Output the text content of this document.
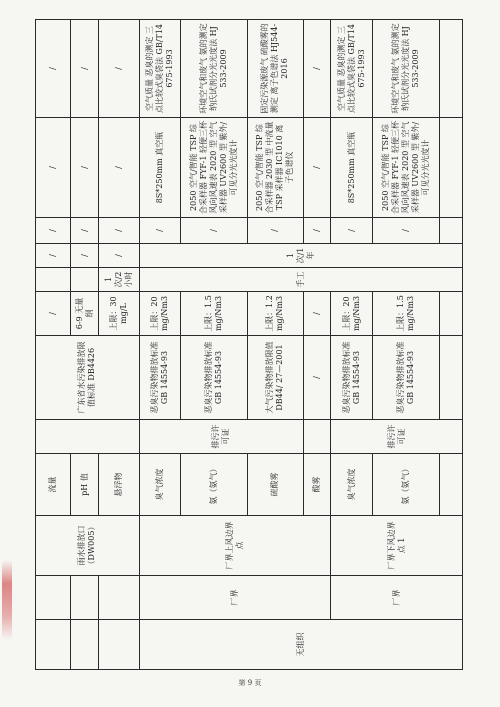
		雨水排放口（DW005）	流量		广东省水污染排放限值标准 DB4426	/		/	/	/	/
			pH 值			6-9 无量纲		/	/	/	/
			悬浮物			上限：30mg/L	1 次/2 小时	/	/	/	/
无组织	厂界	厂界上风边界点	臭气浓度	排污许可证	恶臭污染物排放标准 GB 14554-93	上限：20mg/Nm3	手工	1 次/1 年	/	8S*250mm 真空瓶	空气质量 恶臭的测定 三点比较式臭袋法 GB/T14675-1993
			氨（氨气）		恶臭污染物排放标准 GB 14554-93	上限：1.5mg/Nm3			/	2050 空气/智能 TSP 综合采样器 FYF-1 轻便三杯风向风速表 2020 型 空气采样器 UV2600 型 紫外/可见分光光度计	环境空气和废气 氨的测定 纳氏试剂分光光度法 HJ 533-2009
			硫酸雾		大气污染物排放限值 DB44/ 27—2001	上限：1.2mg/Nm3			/	2050 空气/智能 TSP 综合采样器 2030 型 中流量 TSP 采样器 IC1010 离子色谱仪	固定污染源废气 硫酸雾的测定 离子色谱法 HJ544-2016
			酸雾		/	/			/	/	/
	厂界	厂界下风边界点 1	臭气浓度	排污许可证	恶臭污染物排放标准 GB 14554-93	上限：20mg/Nm3			/	8S*250mm 真空瓶	空气质量 恶臭的测定 三点比较式臭袋法 GB/T14675-1993
			氨（氨气）		恶臭污染物排放标准 GB 14554-93	上限：1.5mg/Nm3			/	2050 空气/智能 TSP 综合采样器 FYF-1 轻便三杯风向风速表 2020 型 空气采样器 UV2600 型 紫外/可见分光光度计	环境空气和废气 氨的测定 纳氏试剂分光光度法 HJ 533-2009

第 9 页
